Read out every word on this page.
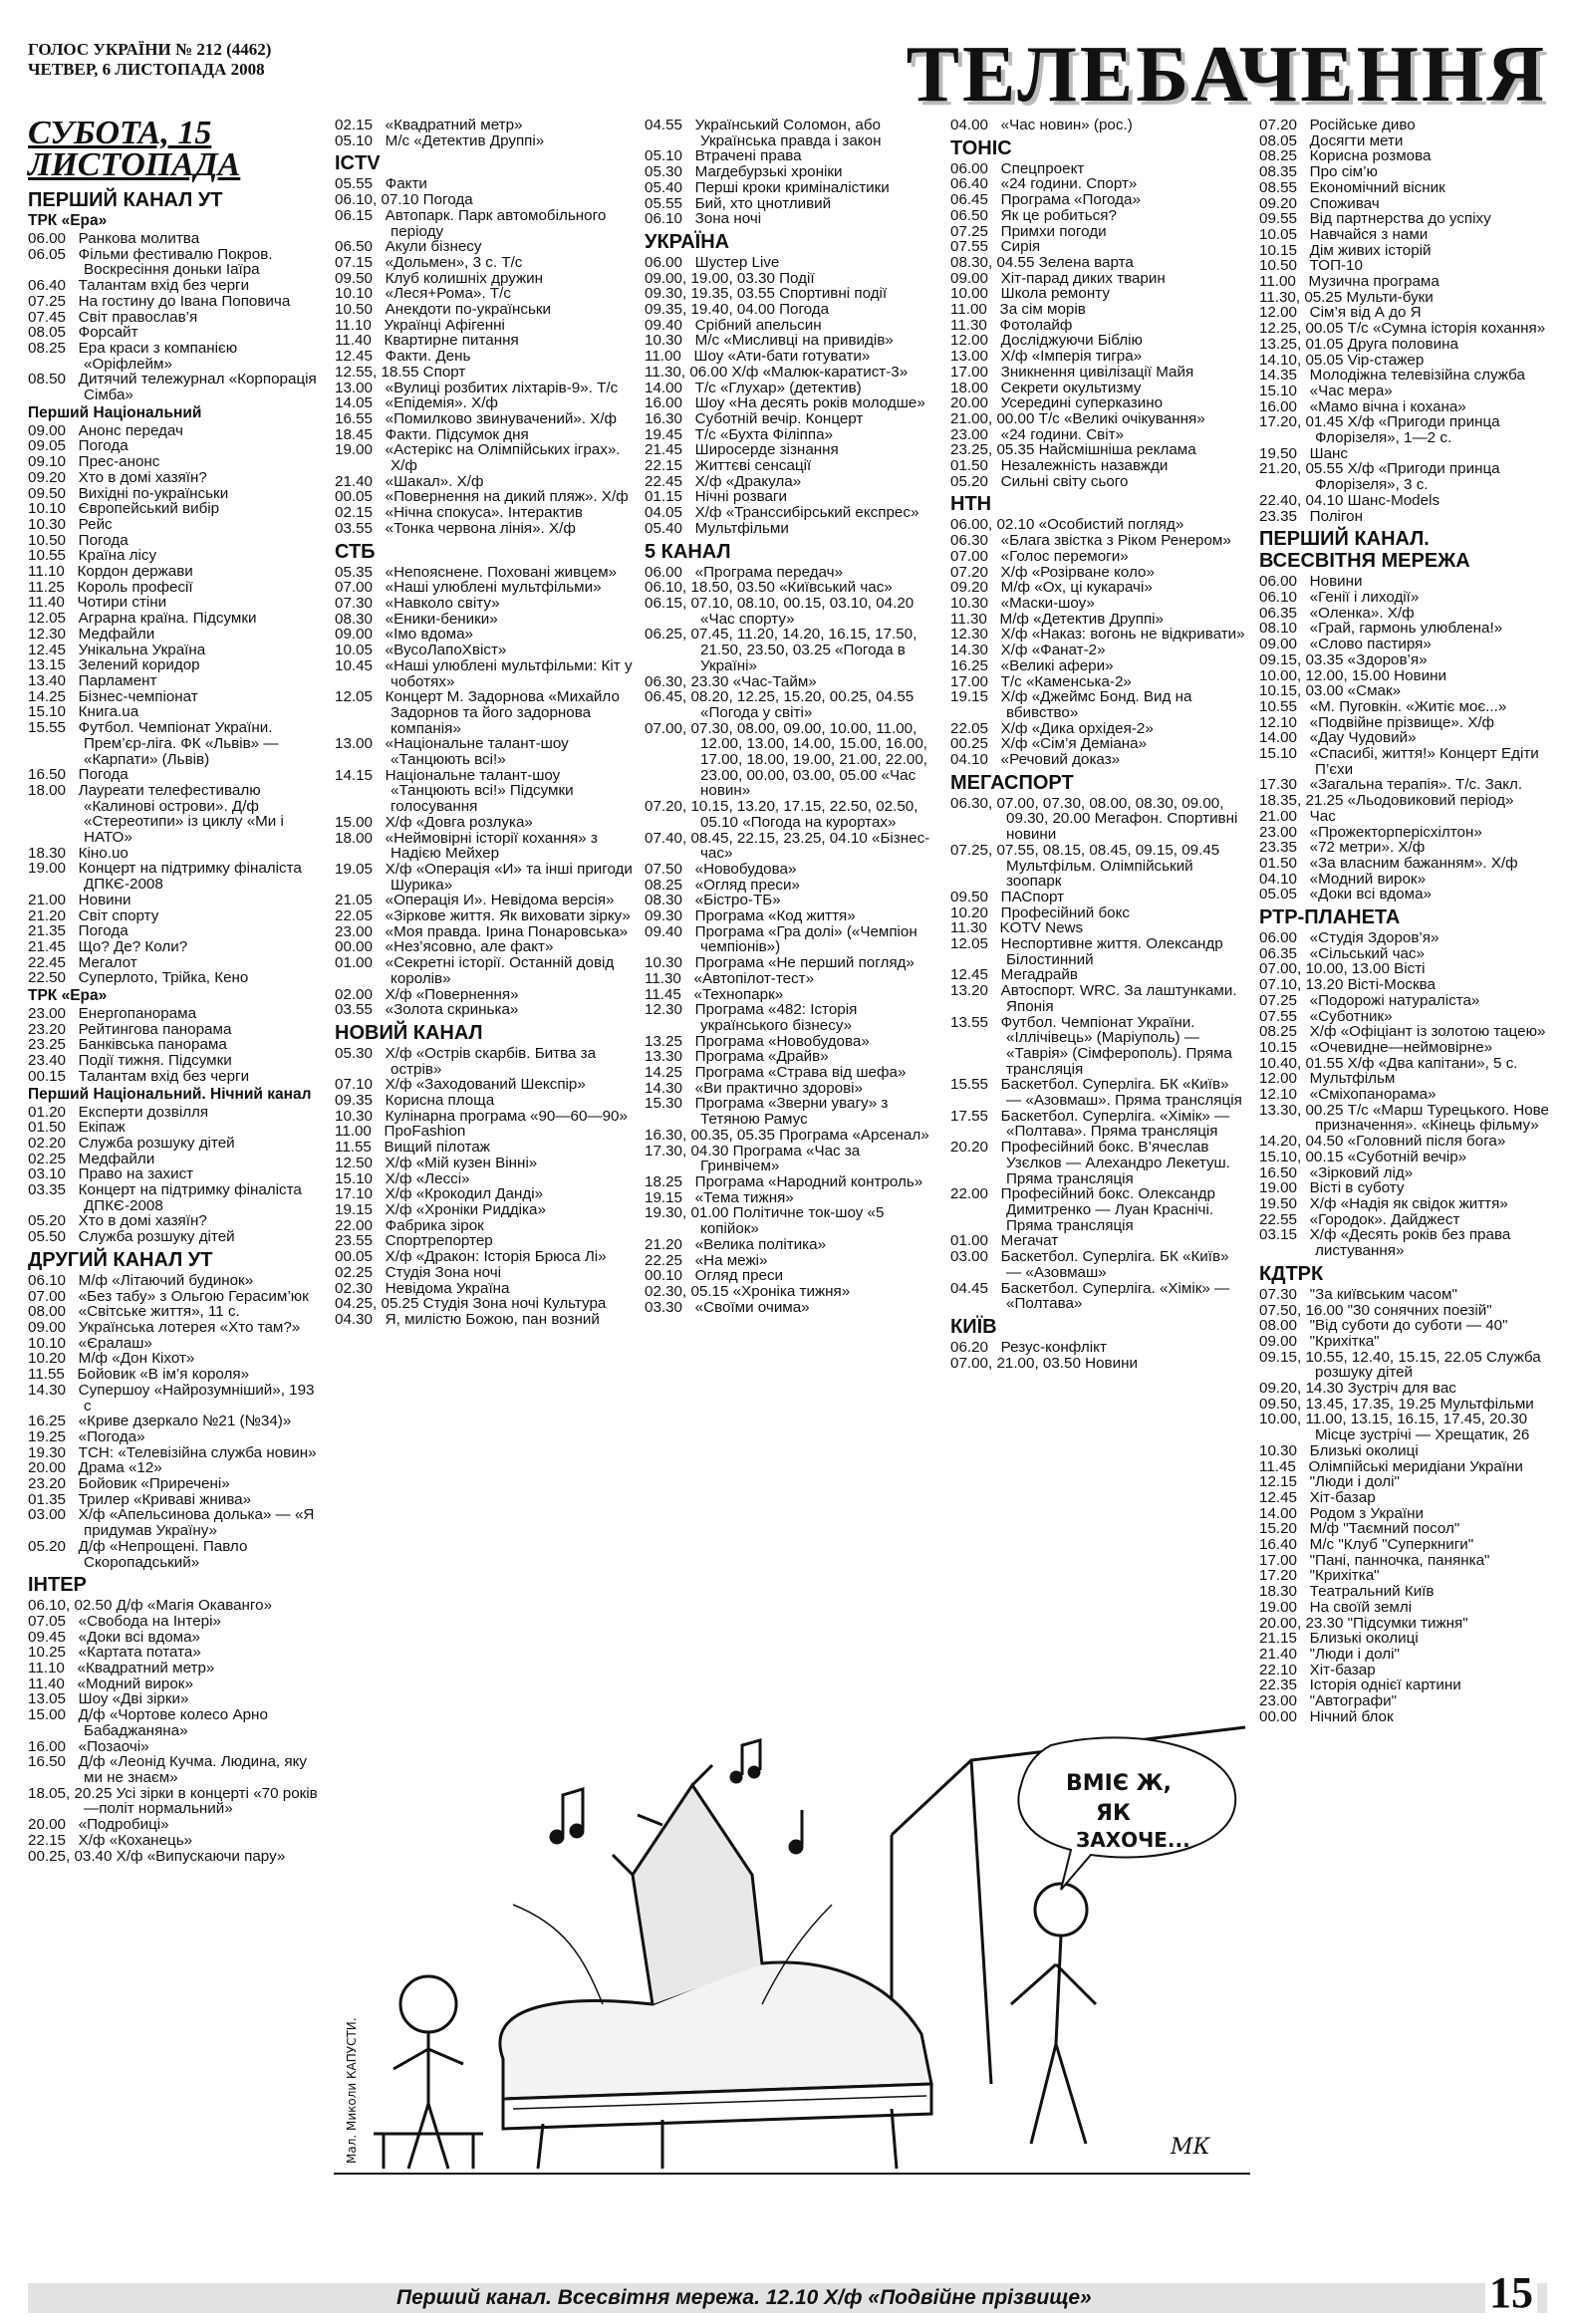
ГОЛОС УКРАЇНИ № 212 (4462)
ЧЕТВЕР, 6 ЛИСТОПАДА 2008	ТЕЛЕБАЧЕННЯ
СУБОТА, 15 ЛИСТОПАДА
ПЕРШИЙ КАНАЛ УТ
ТРК «Ера»
06.00   Ранкова молитва
06.05   Фільми фестивалю Покров. Воскресіння доньки Іаїра
06.40   Талантам вхід без черги
07.25   На гостину до Івана Поповича
07.45   Світ православ’я
08.05   Форсайт
08.25   Ера краси з компанією «Оріфлейм»
08.50   Дитячий тележурнал «Корпорація Сімба»
Перший Національний
09.00   Анонс передач
09.05   Погода
09.10   Прес-анонс
09.20   Хто в домі хазяїн?
09.50   Вихідні по-українськи
10.10   Європейський вибір
10.30   Рейс
10.50   Погода
10.55   Країна лісу
11.10   Кордон держави
11.25   Король професії
11.40   Чотири стіни
12.05   Аграрна країна. Підсумки
12.30   Медфайли
12.45   Унікальна Україна
13.15   Зелений коридор
13.40   Парламент
14.25   Бізнес-чемпіонат
15.10   Книга.ua
15.55   Футбол. Чемпіонат України. Прем’єр-ліга. ФК «Львів» — «Карпати» (Львів)
16.50   Погода
18.00   Лауреати телефестивалю «Калинові острови». Д/ф «Стереотипи» із циклу «Ми і НАТО»
18.30   Кіно.uo
19.00   Концерт на підтримку фіналіста ДПКЄ-2008
21.00   Новини
21.20   Світ спорту
21.35   Погода
21.45   Що? Де? Коли?
22.45   Мегалот
22.50   Суперлото, Трійка, Кено
ТРК «Ера»
23.00   Енергопанорама
23.20   Рейтингова панорама
23.25   Банківська панорама
23.40   Події тижня. Підсумки
00.15   Талантам вхід без черги
Перший Національний. Нічний канал
01.20   Експерти дозвілля
01.50   Екіпаж
02.20   Служба розшуку дітей
02.25   Медфайли
03.10   Право на захист
03.35   Концерт на підтримку фіналіста ДПКЄ-2008
05.20   Хто в домі хазяїн?
05.50   Служба розшуку дітей
ДРУГИЙ КАНАЛ УТ
06.10   М/ф «Літаючий будинок»
07.00   «Без табу» з Ольгою Герасим’юк
08.00   «Світське життя», 11 с.
09.00   Українська лотерея «Хто там?»
10.10   «Єралаш»
10.20   М/ф «Дон Кіхот»
11.55   Бойовик «В ім’я короля»
14.30   Супершоу «Найрозумніший», 193 с
16.25   «Криве дзеркало №21 (№34)»
19.25   «Погода»
19.30   ТСН: «Телевізійна служба новин»
20.00   Драма «12»
23.20   Бойовик «Приречені»
01.35   Трилер «Криваві жнива»
03.00   Х/ф «Апельсинова долька» — «Я придумав Україну»
05.20   Д/ф «Непрощені. Павло Скоропадський»
ІНТЕР
06.10, 02.50 Д/ф «Магія Окаванго»
07.05   «Свобода на Інтері»
09.45   «Доки всі вдома»
10.25   «Картата потата»
11.10   «Квадратний метр»
11.40   «Модний вирок»
13.05   Шоу «Дві зірки»
15.00   Д/ф «Чортове колесо Арно Бабаджаняна»
16.00   «Позаочі»
16.50   Д/ф «Леонід Кучма. Людина, яку ми не знаєм»
18.05, 20.25 Усі зірки в концерті «70 років—політ нормальний»
20.00   «Подробиці»
22.15   Х/ф «Коханець»
00.25, 03.40 Х/ф «Випускаючи пару»
02.15   «Квадратний метр»
05.10   М/с «Детектив Друппі»
ICTV
05.55   Факти
06.10, 07.10 Погода
06.15   Автопарк. Парк автомобільного періоду
06.50   Акули бізнесу
07.15   «Дольмен», 3 с. Т/с
09.50   Клуб колишніх дружин
10.10   «Леся+Рома». Т/с
10.50   Анекдоти по-українськи
11.10   Українці Афігенні
11.40   Квартирне питання
12.45   Факти. День
12.55, 18.55 Спорт
13.00   «Вулиці розбитих ліхтарів-9». Т/с
14.05   «Епідемія». Х/ф
16.55   «Помилково звинувачений». Х/ф
18.45   Факти. Підсумок дня
19.00   «Астерікс на Олімпійських іграх». Х/ф
21.40   «Шакал». Х/ф
00.05   «Повернення на дикий пляж». Х/ф
02.15   «Нічна спокуса». Інтерактив
03.55   «Тонка червона лінія». Х/ф
СТБ
05.35   «Непояснене. Поховані живцем»
07.00   «Наші улюблені мультфільми»
07.30   «Навколо світу»
08.30   «Еники-беники»
09.00   «Імо вдома»
10.05   «ВусоЛапоХвіст»
10.45   «Наші улюблені мультфільми: Кіт у чоботях»
12.05   Концерт М. Задорнова «Михайло Задорнов та його задорнова компанія»
13.00   «Національне талант-шоу «Танцюють всі!»
14.15   Національне талант-шоу «Танцюють всі!» Підсумки голосування
15.00   Х/ф «Довга розлука»
18.00   «Неймовірні історії кохання» з Надією Мейхер
19.05   Х/ф «Операція «И» та інші пригоди Шурика»
21.05   «Операція И». Невідома версія»
22.05   «Зіркове життя. Як виховати зірку»
23.00   «Моя правда. Ірина Понаровська»
00.00   «Нез’ясовно, але факт»
01.00   «Секретні історії. Останній довід королів»
02.00   Х/ф «Повернення»
03.55   «Золота скринька»
НОВИЙ КАНАЛ
05.30   Х/ф «Острів скарбів. Битва за острів»
07.10   Х/ф «Заходований Шекспір»
09.35   Корисна площа
10.30   Кулінарна програма «90—60—90»
11.00   ПроFashion
11.55   Вищий пілотаж
12.50   Х/ф «Мій кузен Вінні»
15.10   Х/ф «Лессі»
17.10   Х/ф «Крокодил Данді»
19.15   Х/ф «Хроніки Риддіка»
22.00   Фабрика зірок
23.55   Спортрепортер
00.05   Х/ф «Дракон: Історія Брюса Лі»
02.25   Студія Зона ночі
02.30   Невідома Україна
04.25, 05.25 Студія Зона ночі Культура
04.30   Я, милістю Божою, пан возний
04.55   Український Соломон, або Українська правда і закон
05.10   Втрачені права
05.30   Магдебурзькі хроніки
05.40   Перші кроки криміналістики
05.55   Бий, хто цнотливий
06.10   Зона ночі
УКРАЇНА
06.00   Шустер Live
09.00, 19.00, 03.30 Події
09.30, 19.35, 03.55 Спортивні події
09.35, 19.40, 04.00 Погода
09.40   Срібний апельсин
10.30   М/с «Мисливці на привидів»
11.00   Шоу «Ати-бати готувати»
11.30, 06.00 Х/ф «Малюк-каратист-3»
14.00   Т/с «Глухар» (детектив)
16.00   Шоу «На десять років молодше»
16.30   Суботній вечір. Концерт
19.45   Т/с «Бухта Філіппа»
21.45   Широсерде зізнання
22.15   Життєві сенсації
22.45   Х/ф «Дракула»
01.15   Нічні розваги
04.05   Х/ф «Транссибірський експрес»
05.40   Мультфільми
5 КАНАЛ
06.00   «Програма передач»
06.10, 18.50, 03.50 «Київський час»
06.15, 07.10, 08.10, 00.15, 03.10, 04.20 «Час спорту»
06.25, 07.45, 11.20, 14.20, 16.15, 17.50, 21.50, 23.50, 03.25 «Погода в Україні»
06.30, 23.30 «Час-Тайм»
06.45, 08.20, 12.25, 15.20, 00.25, 04.55 «Погода у світі»
07.00, 07.30, 08.00, 09.00, 10.00, 11.00, 12.00, 13.00, 14.00, 15.00, 16.00, 17.00, 18.00, 19.00, 21.00, 22.00, 23.00, 00.00, 03.00, 05.00 «Час новин»
07.20, 10.15, 13.20, 17.15, 22.50, 02.50, 05.10 «Погода на курортах»
07.40, 08.45, 22.15, 23.25, 04.10 «Бізнес-час»
07.50   «Новобудова»
08.25   «Огляд преси»
08.30   «Бістро-ТБ»
09.30   Програма «Код життя»
09.40   Програма «Гра долі» («Чемпіон чемпіонів»)
10.30   Програма «Не перший погляд»
11.30   «Автопілот-тест»
11.45   «Технопарк»
12.30   Програма «482: Історія українського бізнесу»
13.25   Програма «Новобудова»
13.30   Програма «Драйв»
14.25   Програма «Страва від шефа»
14.30   «Ви практично здорові»
15.30   Програма «Зверни увагу» з Тетяною Рамус
16.30, 00.35, 05.35 Програма «Арсенал»
17.30, 04.30 Програма «Час за Гринвічем»
18.25   Програма «Народний контроль»
19.15   «Тема тижня»
19.30, 01.00 Політичне ток-шоу «5 копійок»
21.20   «Велика політика»
22.25   «На межі»
00.10   Огляд преси
02.30, 05.15 «Хроніка тижня»
03.30   «Своїми очима»
04.00   «Час новин» (рос.)
ТОНІС
06.00   Спецпроект
06.40   «24 години. Спорт»
06.45   Програма «Погода»
06.50   Як це робиться?
07.25   Примхи погоди
07.55   Сирія
08.30, 04.55 Зелена варта
09.00   Хіт-парад диких тварин
10.00   Школа ремонту
11.00   За сім морів
11.30   Фотолайф
12.00   Досліджуючи Біблію
13.00   Х/ф «Імперія тигра»
17.00   Зникнення цивілізації Майя
18.00   Секрети окультизму
20.00   Усередині суперказино
21.00, 00.00 Т/с «Великі очікування»
23.00   «24 години. Світ»
23.25, 05.35 Найсмішніша реклама
01.50   Незалежність назавжди
05.20   Сильні світу сього
НТН
06.00, 02.10 «Особистий погляд»
06.30   «Блага звістка з Ріком Ренером»
07.00   «Голос перемоги»
07.20   Х/ф «Розірване коло»
09.20   М/ф «Ох, ці кукарачі»
10.30   «Маски-шоу»
11.30   М/ф «Детектив Друппі»
12.30   Х/ф «Наказ: вогонь не відкривати»
14.30   Х/ф «Фанат-2»
16.25   «Великі афери»
17.00   Т/с «Каменська-2»
19.15   Х/ф «Джеймс Бонд. Вид на вбивство»
22.05   Х/ф «Дика орхідея-2»
00.25   Х/ф «Сім’я Деміана»
04.10   «Речовий доказ»
МЕГАСПОРТ
06.30, 07.00, 07.30, 08.00, 08.30, 09.00, 09.30, 20.00 Мегафон. Спортивні новини
07.25, 07.55, 08.15, 08.45, 09.15, 09.45 Мультфільм. Олімпійський зоопарк
09.50   ПАСпорт
10.20   Професійний бокс
11.30   KOTV News
12.05   Неспортивне життя. Олександр Білостинний
12.45   Мегадрайв
13.20   Автоспорт. WRC. За лаштунками. Японія
13.55   Футбол. Чемпіонат України. «Іллічівець» (Маріуполь) — «Таврія» (Сімферополь). Пряма трансляція
15.55   Баскетбол. Суперліга. БК «Київ» — «Азовмаш». Пряма трансляція
17.55   Баскетбол. Суперліга. «Хімік» — «Полтава». Пряма трансляція
20.20   Професійний бокс. В’ячеслав Узєлков — Алехандро Лекетуш. Пряма трансляція
22.00   Професійний бокс. Олександр Димитренко — Луан Краснічі. Пряма трансляція
01.00   Мегачат
03.00   Баскетбол. Суперліга. БК «Київ» — «Азовмаш»
04.45   Баскетбол. Суперліга. «Хімік» — «Полтава»
КИЇВ
06.20   Резус-конфлікт
07.00, 21.00, 03.50 Новини
07.20   Російське диво
08.05   Досягти мети
08.25   Корисна розмова
08.35   Про сім’ю
08.55   Економічний вісник
09.20   Споживач
09.55   Від партнерства до успіху
10.05   Навчайся з нами
10.15   Дім живих історій
10.50   ТОП-10
11.00   Музична програма
11.30, 05.25 Мульти-буки
12.00   Сім’я від А до Я
12.25, 00.05 Т/с «Сумна історія кохання»
13.25, 01.05 Друга половина
14.10, 05.05 Vip-стажер
14.35   Молодіжна телевізійна служба
15.10   «Час мера»
16.00   «Мамо вічна і кохана»
17.20, 01.45 Х/ф «Пригоди принца Флорізеля», 1—2 с.
19.50   Шанс
21.20, 05.55 Х/ф «Пригоди принца Флорізеля», 3 с.
22.40, 04.10 Шанс-Models
23.35   Полігон
ПЕРШИЙ КАНАЛ. ВСЕСВІТНЯ МЕРЕЖА
06.00   Новини
06.10   «Генії і лиходії»
06.35   «Оленка». Х/ф
08.10   «Грай, гармонь улюблена!»
09.00   «Слово пастиря»
09.15, 03.35 «Здоров’я»
10.00, 12.00, 15.00 Новини
10.15, 03.00 «Смак»
10.55   «М. Пуговкін. «Житіє моє...»
12.10   «Подвійне прізвище». Х/ф
14.00   «Дау Чудовий»
15.10   «Спасибі, життя!» Концерт Едіти П’єхи
17.30   «Загальна терапія». Т/с. Закл.
18.35, 21.25 «Льодовиковий період»
21.00   Час
23.00   «Прожекторперісхілтон»
23.35   «72 метри». Х/ф
01.50   «За власним бажанням». Х/ф
04.10   «Модний вирок»
05.05   «Доки всі вдома»
РТР-ПЛАНЕТА
06.00   «Студія Здоров’я»
06.35   «Сільський час»
07.00, 10.00, 13.00 Вісті
07.10, 13.20 Вісті-Москва
07.25   «Подорожі натураліста»
07.55   «Суботник»
08.25   Х/ф «Офіціант із золотою тацею»
10.15   «Очевидне—неймовірне»
10.40, 01.55 Х/ф «Два капітани», 5 с.
12.00   Мультфільм
12.10   «Сміхопанорама»
13.30, 00.25 Т/с «Марш Турецького. Нове призначення». «Кінець фільму»
14.20, 04.50 «Головний після бога»
15.10, 00.15 «Суботній вечір»
16.50   «Зірковий лід»
19.00   Вісті в суботу
19.50   Х/ф «Надія як свідок життя»
22.55   «Городок». Дайджест
03.15   Х/ф «Десять років без права листування»
КДТРК
07.30   "За київським часом"
07.50, 16.00 "30 сонячних поезій"
08.00   "Від суботи до суботи — 40"
09.00   "Крихітка"
09.15, 10.55, 12.40, 15.15, 22.05 Служба розшуку дітей
09.20, 14.30 Зустріч для вас
09.50, 13.45, 17.35, 19.25 Мультфільми
10.00, 11.00, 13.15, 16.15, 17.45, 20.30 Місце зустрічі — Хрещатик, 26
10.30   Близькі околиці
11.45   Олімпійські меридіани України
12.15   "Люди і долі"
12.45   Хіт-базар
14.00   Родом з України
15.20   М/ф "Таємний посол"
16.40   М/с "Клуб "Суперкниги"
17.00   "Пані, панночка, панянка"
17.20   "Крихітка"
18.30   Театральний Київ
19.00   На своїй землі
20.00, 23.30 "Підсумки тижня"
21.15   Близькі околиці
21.40   "Люди і долі"
22.10   Хіт-базар
22.35   Історія однієї картини
23.00   "Автографи"
00.00   Нічний блок
ВМІЄ Ж,
ЯК
ЗАХОЧЕ...
МК
Мал. Миколи КАПУСТИ.
Перший канал. Всесвітня мережа. 12.10 Х/ф «Подвійне прізвище»	15
